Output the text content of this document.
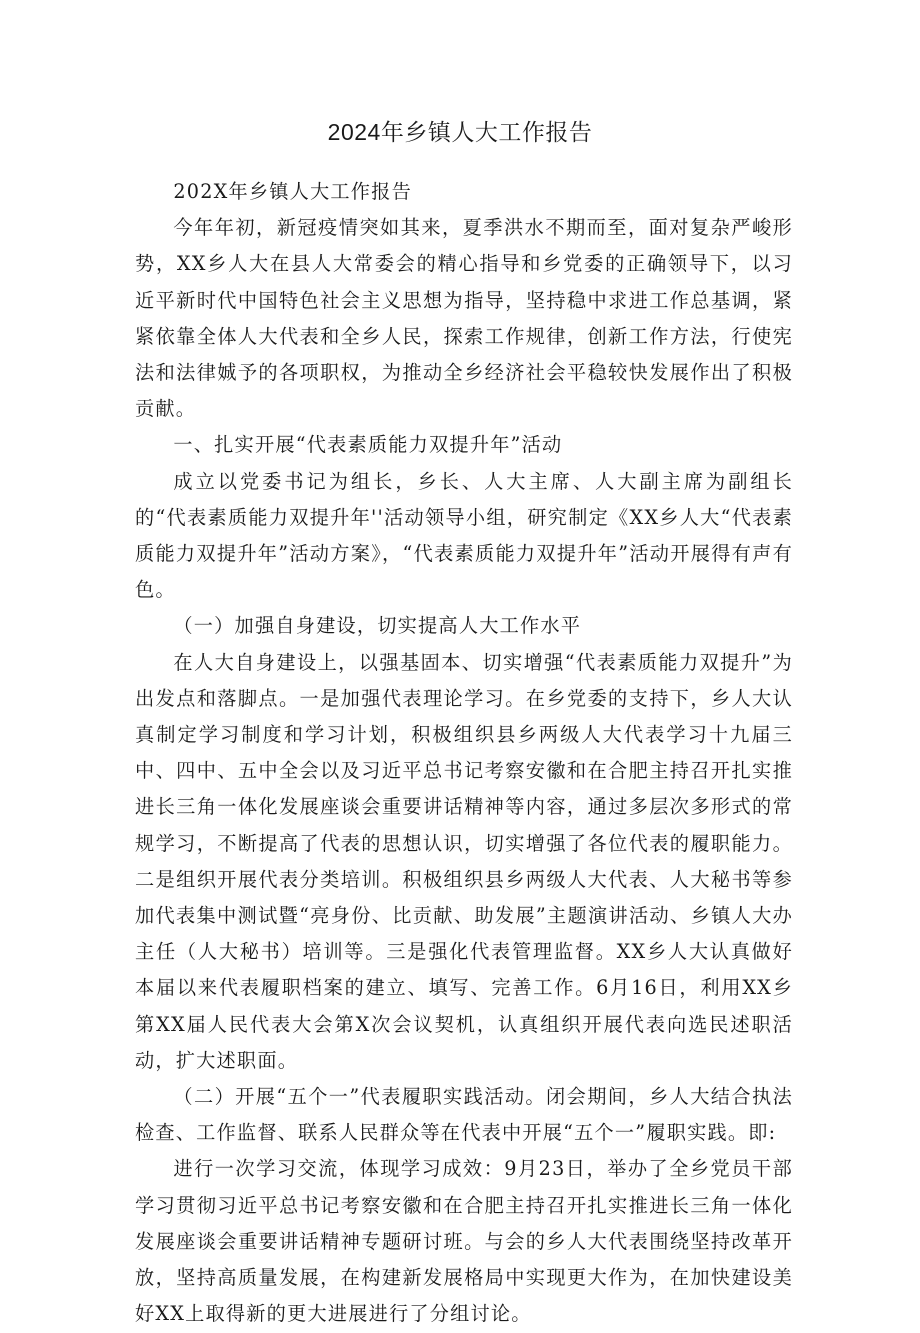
2024年乡镇人大工作报告

202X年乡镇人大工作报告

今年年初，新冠疫情突如其来，夏季洪水不期而至，面对复杂严峻形势，XX乡人大在县人大常委会的精心指导和乡党委的正确领导下，以习近平新时代中国特色社会主义思想为指导，坚持稳中求进工作总基调，紧紧依靠全体人大代表和全乡人民，探索工作规律，创新工作方法，行使宪法和法律娍予的各项职权，为推动全乡经济社会平稳较快发展作出了积极贡献。

一、扎实开展“代表素质能力双提升年”活动

成立以党委书记为组长，乡长、人大主席、人大副主席为副组长的“代表素质能力双提升年''活动领导小组，研究制定《XX乡人大“代表素质能力双提升年”活动方案》，“代表素质能力双提升年”活动开展得有声有色。

（一）加强自身建设，切实提高人大工作水平

在人大自身建设上，以强基固本、切实增强“代表素质能力双提升”为出发点和落脚点。一是加强代表理论学习。在乡党委的支持下，乡人大认真制定学习制度和学习计划，积极组织县乡两级人大代表学习十九届三中、四中、五中全会以及习近平总书记考察安徽和在合肥主持召开扎实推进长三角一体化发展座谈会重要讲话精神等内容，通过多层次多形式的常规学习，不断提高了代表的思想认识，切实增强了各位代表的履职能力。二是组织开展代表分类培训。积极组织县乡两级人大代表、人大秘书等参加代表集中测试暨“亮身份、比贡献、助发展”主题演讲活动、乡镇人大办主任（人大秘书）培训等。三是强化代表管理监督。XX乡人大认真做好本届以来代表履职档案的建立、填写、完善工作。6月16日，利用XX乡第XX届人民代表大会第X次会议契机，认真组织开展代表向选民述职活动，扩大述职面。

（二）开展“五个一”代表履职实践活动。闭会期间，乡人大结合执法检查、工作监督、联系人民群众等在代表中开展“五个一”履职实践。即:

进行一次学习交流，体现学习成效：9月23日，举办了全乡党员干部学习贯彻习近平总书记考察安徽和在合肥主持召开扎实推进长三角一体化发展座谈会重要讲话精神专题研讨班。与会的乡人大代表围绕坚持改革开放，坚持高质量发展，在构建新发展格局中实现更大作为，在加快建设美好XX上取得新的更大进展进行了分组讨论。
